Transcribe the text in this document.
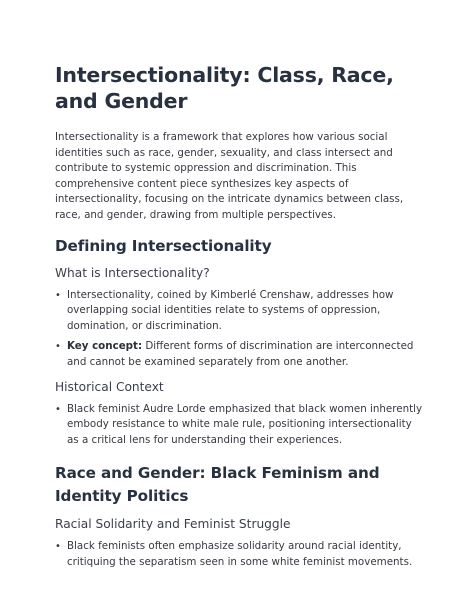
Intersectionality: Class, Race, and Gender

Intersectionality is a framework that explores how various social identities such as race, gender, sexuality, and class intersect and contribute to systemic oppression and discrimination. This comprehensive content piece synthesizes key aspects of intersectionality, focusing on the intricate dynamics between class, race, and gender, drawing from multiple perspectives.

Defining Intersectionality
What is Intersectionality?
• Intersectionality, coined by Kimberlé Crenshaw, addresses how overlapping social identities relate to systems of oppression, domination, or discrimination.
• Key concept: Different forms of discrimination are interconnected and cannot be examined separately from one another.
Historical Context
• Black feminist Audre Lorde emphasized that black women inherently embody resistance to white male rule, positioning intersectionality as a critical lens for understanding their experiences.
Race and Gender: Black Feminism and Identity Politics
Racial Solidarity and Feminist Struggle
• Black feminists often emphasize solidarity around racial identity, critiquing the separatism seen in some white feminist movements.
